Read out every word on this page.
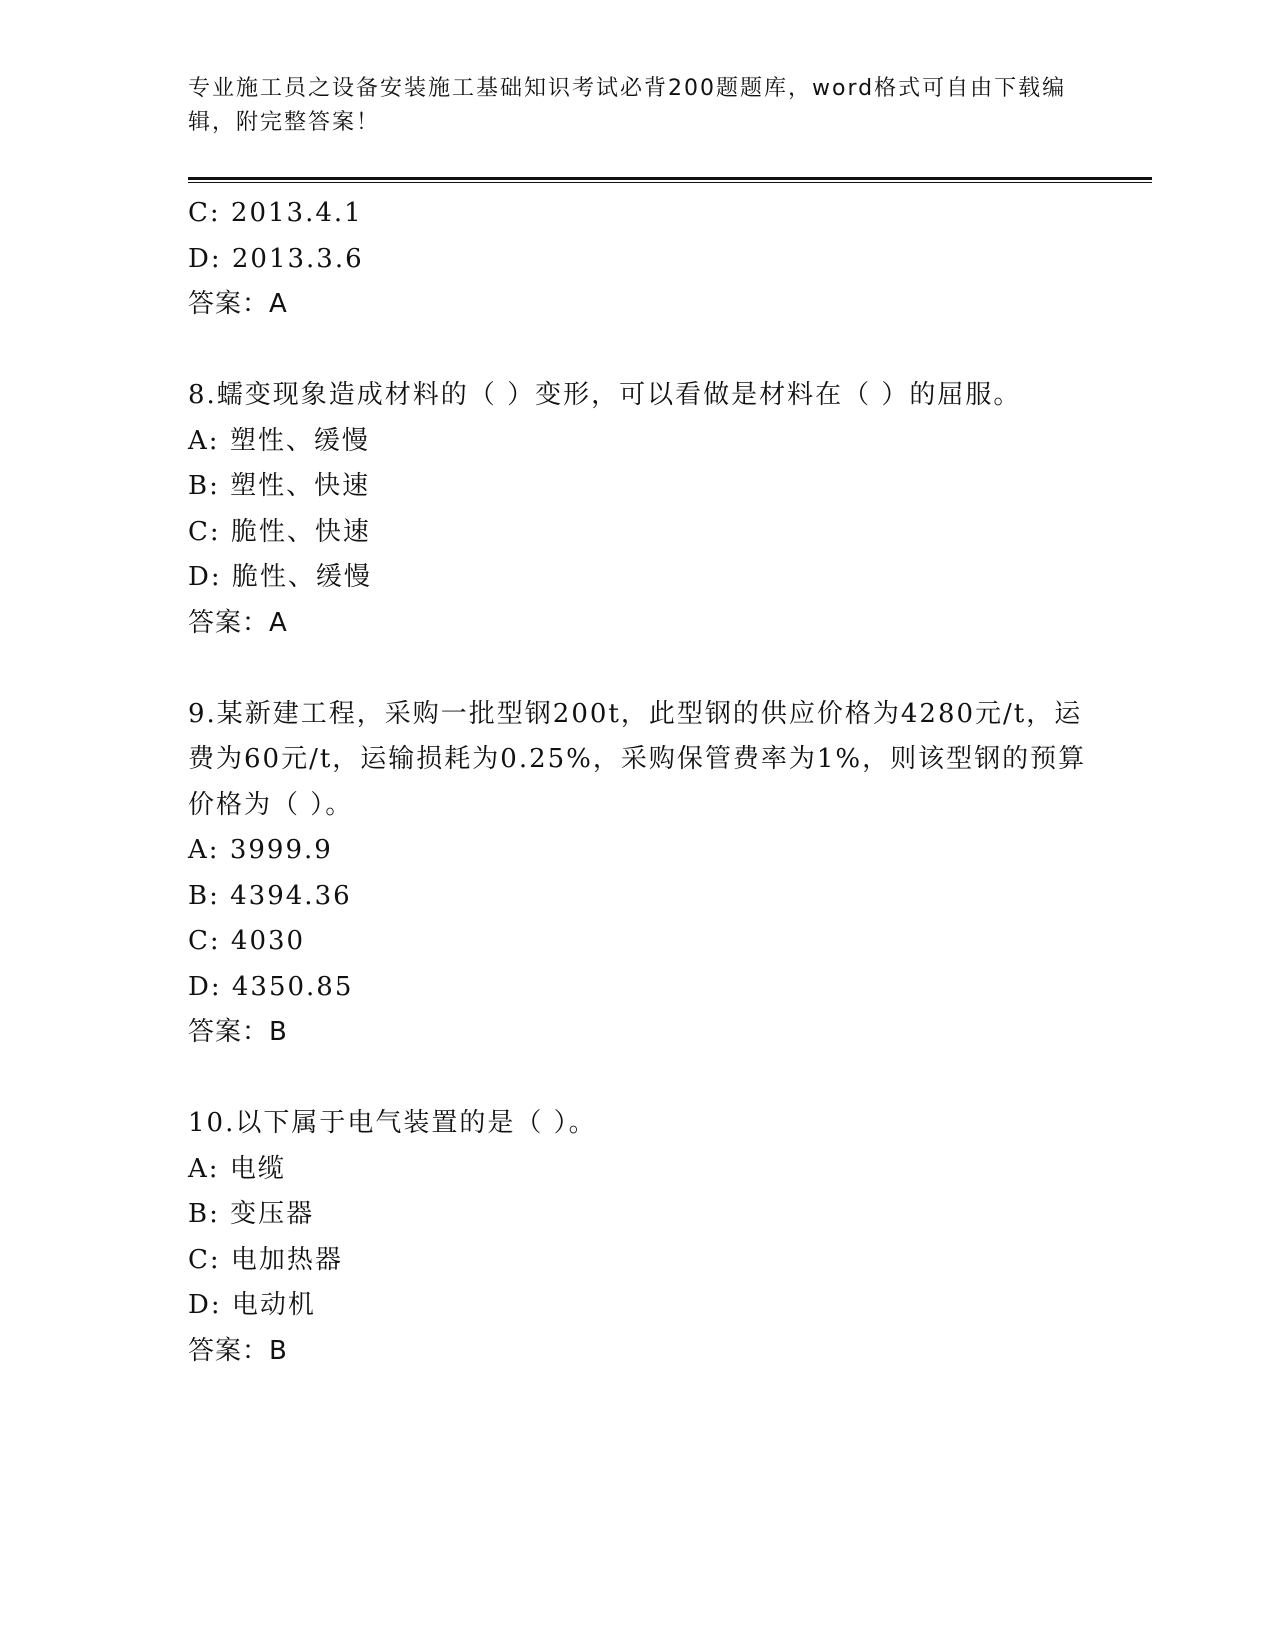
专业施工员之设备安装施工基础知识考试必背200题题库，word格式可自由下载编辑，附完整答案！
C: 2013.4.1
D: 2013.3.6
答案：A
8.蠕变现象造成材料的（ ）变形，可以看做是材料在（ ）的屈服。
A: 塑性、缓慢
B: 塑性、快速
C: 脆性、快速
D: 脆性、缓慢
答案：A
9.某新建工程，采购一批型钢200t，此型钢的供应价格为4280元/t，运费为60元/t，运输损耗为0.25%，采购保管费率为1%，则该型钢的预算价格为（ ）。
A: 3999.9
B: 4394.36
C: 4030
D: 4350.85
答案：B
10.以下属于电气装置的是（ ）。
A: 电缆
B: 变压器
C: 电加热器
D: 电动机
答案：B
